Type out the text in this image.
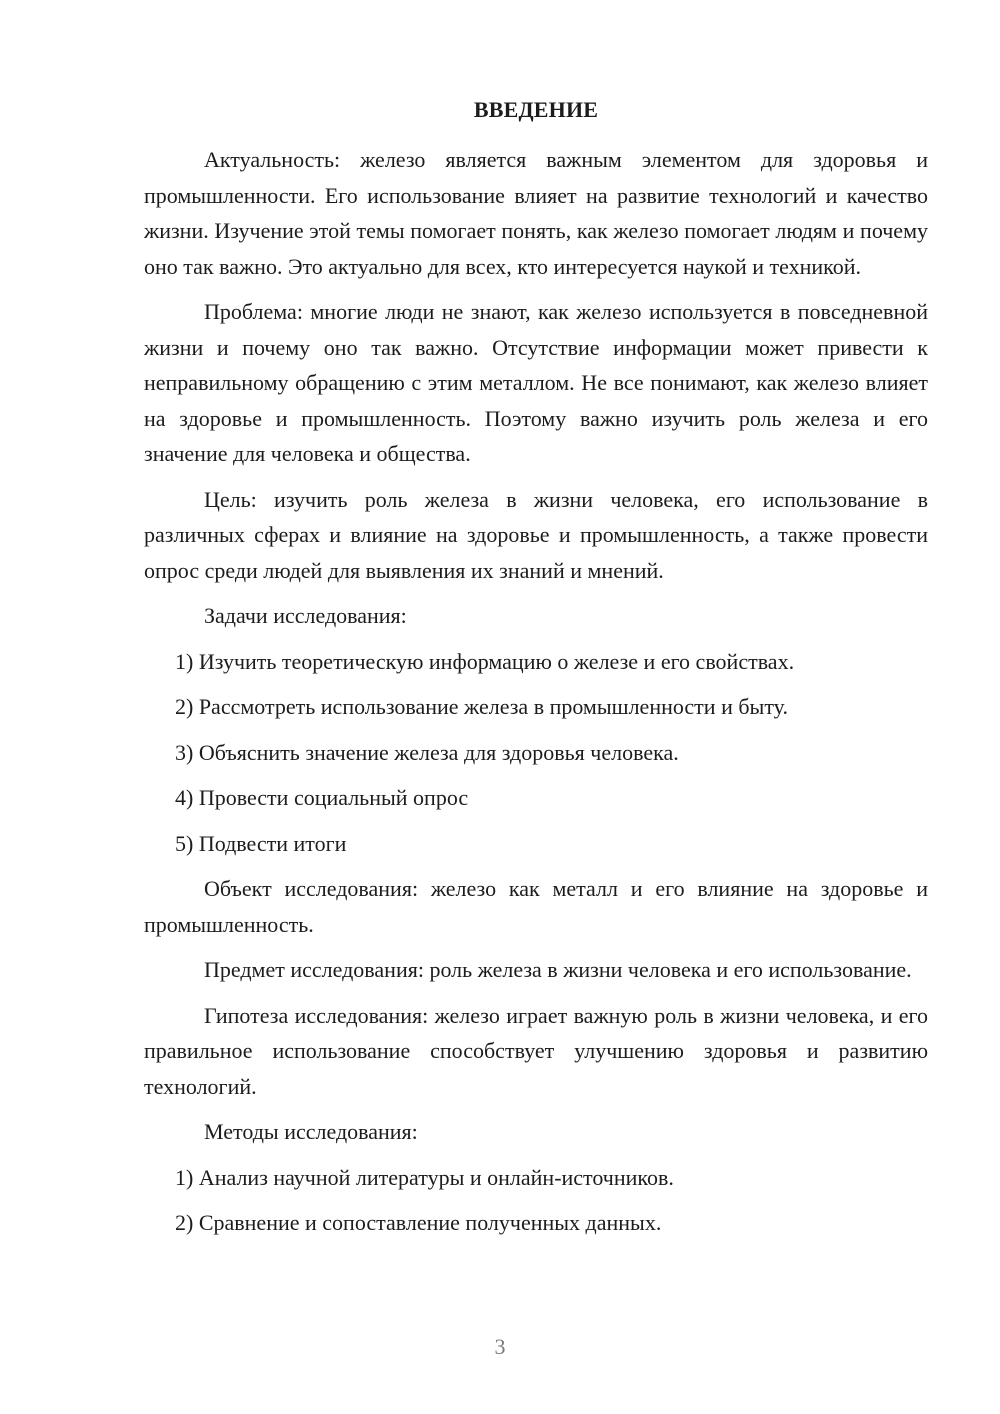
ВВЕДЕНИЕ

Актуальность: железо является важным элементом для здоровья и промышленности. Его использование влияет на развитие технологий и качество жизни. Изучение этой темы помогает понять, как железо помогает людям и почему оно так важно. Это актуально для всех, кто интересуется наукой и техникой.

Проблема: многие люди не знают, как железо используется в повседневной жизни и почему оно так важно. Отсутствие информации может привести к неправильному обращению с этим металлом. Не все понимают, как железо влияет на здоровье и промышленность. Поэтому важно изучить роль железа и его значение для человека и общества.

Цель: изучить роль железа в жизни человека, его использование в различных сферах и влияние на здоровье и промышленность, а также провести опрос среди людей для выявления их знаний и мнений.

Задачи исследования:

1) Изучить теоретическую информацию о железе и его свойствах.

2) Рассмотреть использование железа в промышленности и быту.

3) Объяснить значение железа для здоровья человека.

4) Провести социальный опрос

5) Подвести итоги

Объект исследования: железо как металл и его влияние на здоровье и промышленность.

Предмет исследования: роль железа в жизни человека и его использование.

Гипотеза исследования: железо играет важную роль в жизни человека, и его правильное использование способствует улучшению здоровья и развитию технологий.

Методы исследования:

1) Анализ научной литературы и онлайн-источников.

2) Сравнение и сопоставление полученных данных.

3
